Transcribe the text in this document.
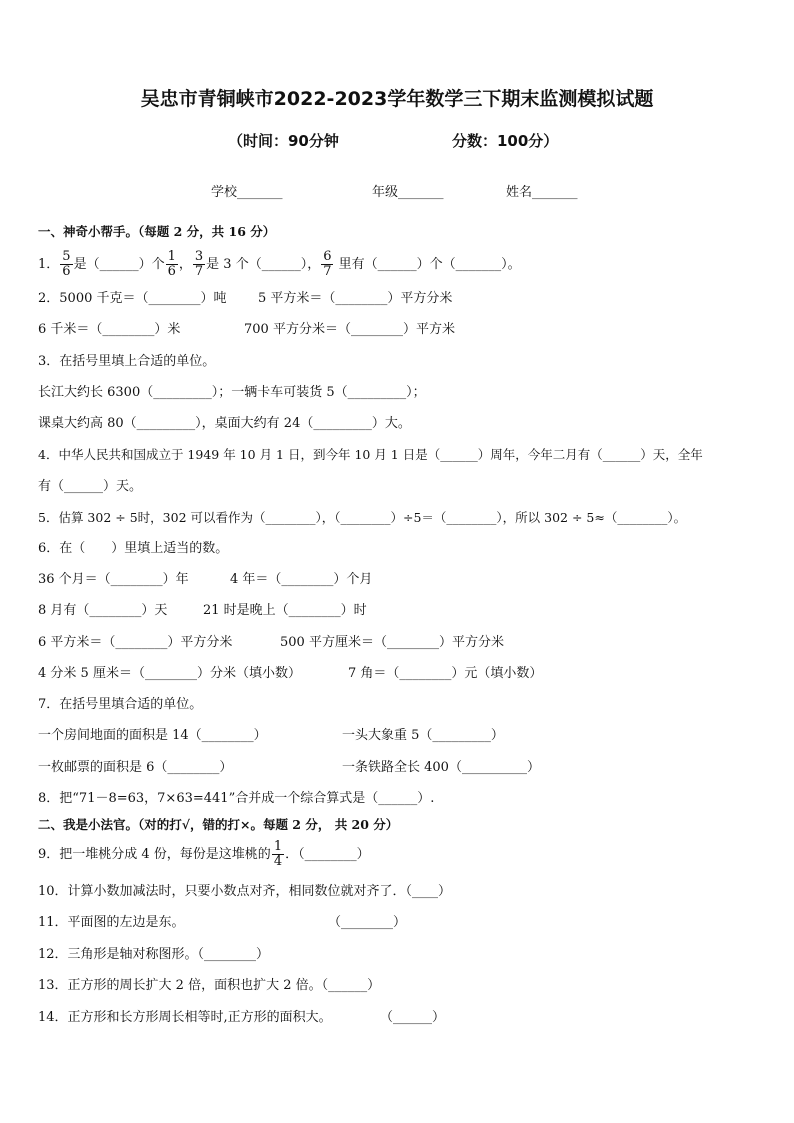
吴忠市青铜峡市2022-2023学年数学三下期末监测模拟试题
（时间：90分钟	分数：100分）
学校_______	年级_______	姓名_______
一、神奇小帮手。（每题 2 分，共 16 分）
1． $\frac{5}{6}$ 是（______）个 $\frac{1}{6}$ ， $\frac{3}{7}$ 是 3 个（______）， $\frac{6}{7}$ 里有（______）个（_______）。
2．5000 千克＝（________）吨 5 平方米＝（________）平方分米
6 千米＝（________）米	700 平方分米＝（________）平方米
3．在括号里填上合适的单位。
长江大约长 6300（_________）；一辆卡车可装货 5（_________）；
课桌大约高 80（_________），桌面大约有 24（_________）大。
4．中华人民共和国成立于 1949 年 10 月 1 日，到今年 10 月 1 日是（______）周年，今年二月有（______）天，全年
有（______）天。
5．估算 302 ÷ 5时，302 可以看作为（________），（________）÷5＝（________），所以 302 ÷ 5≈（________）。
6．在（　　）里填上适当的数。
36 个月＝（________）年	4 年＝（________）个月
8 月有（________）天	21 时是晚上（________）时
6 平方米＝（________）平方分米	500 平方厘米＝（________）平方分米
4 分米 5 厘米＝（________）分米（填小数）	7 角＝（________）元（填小数）
7．在括号里填合适的单位。
一个房间地面的面积是 14（________）	一头大象重 5（_________）
一枚邮票的面积是 6（________）	一条铁路全长 400（__________）
8．把“71－8=63，7×63=441”合并成一个综合算式是（______）.
二、我是小法官。（对的打√，错的打×。每题 2 分， 共 20 分）
9．把一堆桃分成 4 份，每份是这堆桃的 $\frac{1}{4}$ ．（________）
10．计算小数加减法时，只要小数点对齐，相同数位就对齐了．（____）
11．平面图的左边是东。	（________）
12．三角形是轴对称图形。（________）
13．正方形的周长扩大 2 倍，面积也扩大 2 倍。（______）
14．正方形和长方形周长相等时,正方形的面积大。	（______）
